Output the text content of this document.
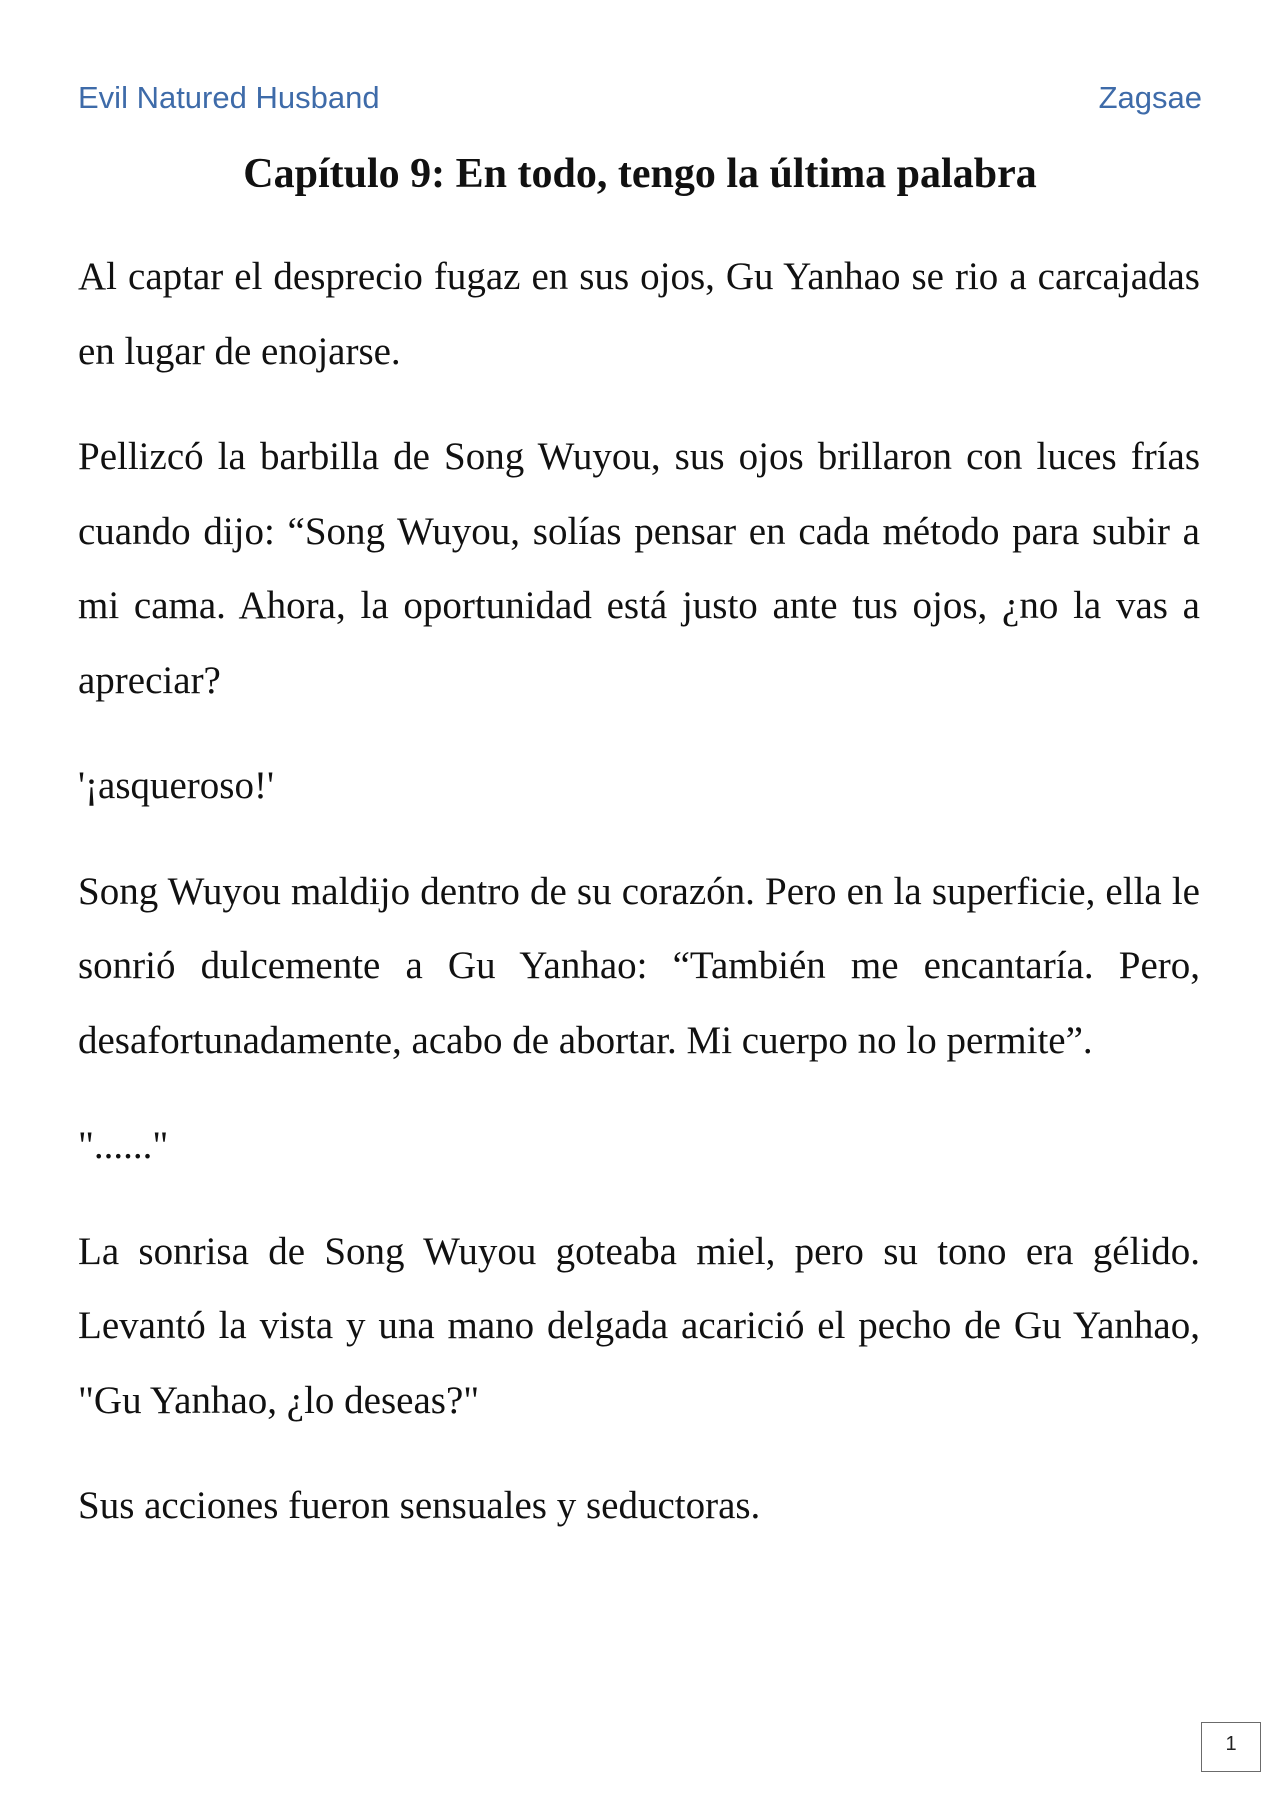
Evil Natured Husband	Zagsae
Capítulo 9: En todo, tengo la última palabra

Al captar el desprecio fugaz en sus ojos, Gu Yanhao se rio a carcajadas en lugar de enojarse.

Pellizcó la barbilla de Song Wuyou, sus ojos brillaron con luces frías cuando dijo: “Song Wuyou, solías pensar en cada método para subir a mi cama. Ahora, la oportunidad está justo ante tus ojos, ¿no la vas a apreciar?

'¡asqueroso!'

Song Wuyou maldijo dentro de su corazón. Pero en la superficie, ella le sonrió dulcemente a Gu Yanhao: “También me encantaría. Pero, desafortunadamente, acabo de abortar. Mi cuerpo no lo permite”.

"......"

La sonrisa de Song Wuyou goteaba miel, pero su tono era gélido. Levantó la vista y una mano delgada acarició el pecho de Gu Yanhao, "Gu Yanhao, ¿lo deseas?"

Sus acciones fueron sensuales y seductoras.

1
